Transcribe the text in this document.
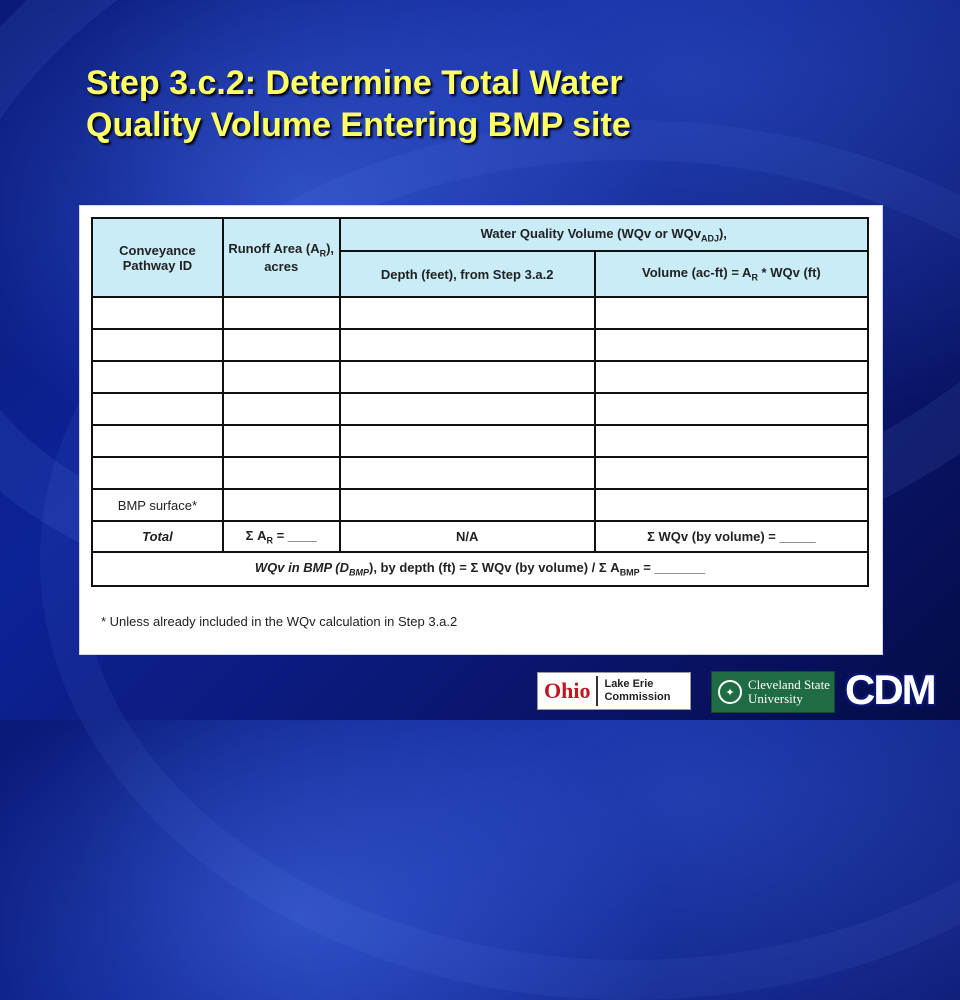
Step 3.c.2: Determine Total Water
Quality Volume Entering BMP site
Conveyance Pathway ID	Runoff Area $(A_R)$, acres	Water Quality Volume (WQv or WQv$_{ADJ}$),	
		Depth (feet), from Step 3.a.2	Volume $(ac-ft) = A_R$ * WQv (ft)

BMP surface*			
Total	Σ $A_R$ = ____	N/A	Σ WQv (by volume) = _____
WQv in BMP $(D_{BMP})$, by depth (ft) = Σ WQv (by volume) / Σ $A_{BMP}$ = _______			
* Unless already included in the WQv calculation in Step 3.a.2
Ohio	Lake Erie
Commission	✦
Cleveland State
University	CDM
